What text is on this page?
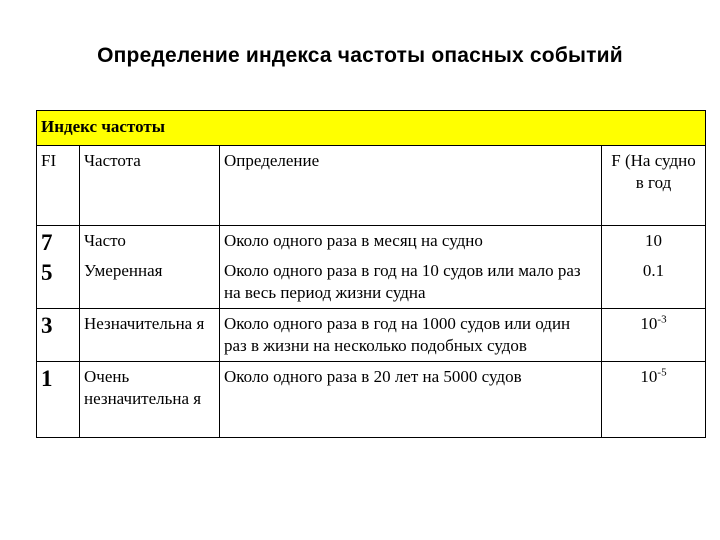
Определение индекса частоты опасных событий
Индекс частоты			
FI	Частота	Определение	F (На судно в год
7	Часто	Около одного раза в месяц на судно	10
5	Умеренная	Около одного раза в год на 10 судов или мало раз на весь период жизни судна	0.1
3	Незначительна я	Около одного раза в год на 1000 судов или один раз в жизни на несколько подобных судов	$10^{-3}$
1	Очень незначительна я	Около одного раза в 20 лет на 5000 судов	$10^{-5}$
